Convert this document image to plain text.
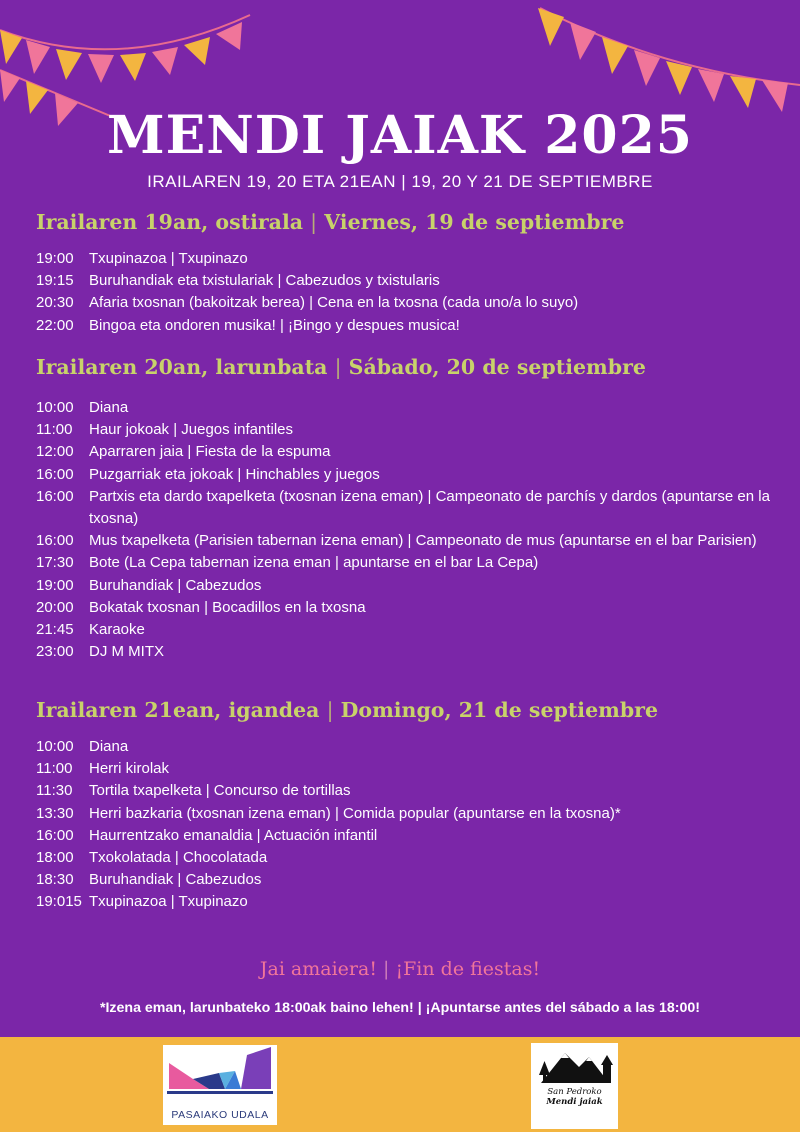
MENDI JAIAK 2025
IRAILAREN 19, 20 ETA 21EAN | 19, 20 Y 21 DE SEPTIEMBRE
Irailaren 19an, ostirala | Viernes, 19 de septiembre
19:00	Txupinazoa | Txupinazo
19:15	Buruhandiak eta txistulariak | Cabezudos y txistularis
20:30	Afaria txosnan (bakoitzak berea) | Cena en la txosna (cada uno/a lo suyo)
22:00	Bingoa eta ondoren musika! | ¡Bingo y despues musica!
Irailaren 20an, larunbata | Sábado, 20 de septiembre
10:00	Diana
11:00	Haur jokoak | Juegos infantiles
12:00	Aparraren jaia | Fiesta de la espuma
16:00	Puzgarriak eta jokoak | Hinchables y juegos
16:00	Partxis eta dardo txapelketa (txosnan izena eman) | Campeonato de parchís y dardos (apuntarse en la txosna)
16:00	Mus txapelketa (Parisien tabernan izena eman) | Campeonato de mus (apuntarse en el bar Parisien)
17:30	Bote (La Cepa tabernan izena eman | apuntarse en el bar La Cepa)
19:00	Buruhandiak | Cabezudos
20:00	Bokatak txosnan | Bocadillos en la txosna
21:45	Karaoke
23:00	DJ M MITX
Irailaren 21ean, igandea | Domingo, 21 de septiembre
10:00	Diana
11:00	Herri kirolak
11:30	Tortila txapelketa | Concurso de tortillas
13:30	Herri bazkaria (txosnan izena eman) | Comida popular (apuntarse en la txosna)*
16:00	Haurrentzako emanaldia | Actuación infantil
18:00	Txokolatada | Chocolatada
18:30	Buruhandiak | Cabezudos
19:015 Txupinazoa | Txupinazo
Jai amaiera! | ¡Fin de fiestas!
*Izena eman, larunbateko 18:00ak baino lehen! | ¡Apuntarse antes del sábado a las 18:00!
PASAIAKO UDALA
San Pedroko
Mendi jaiak
